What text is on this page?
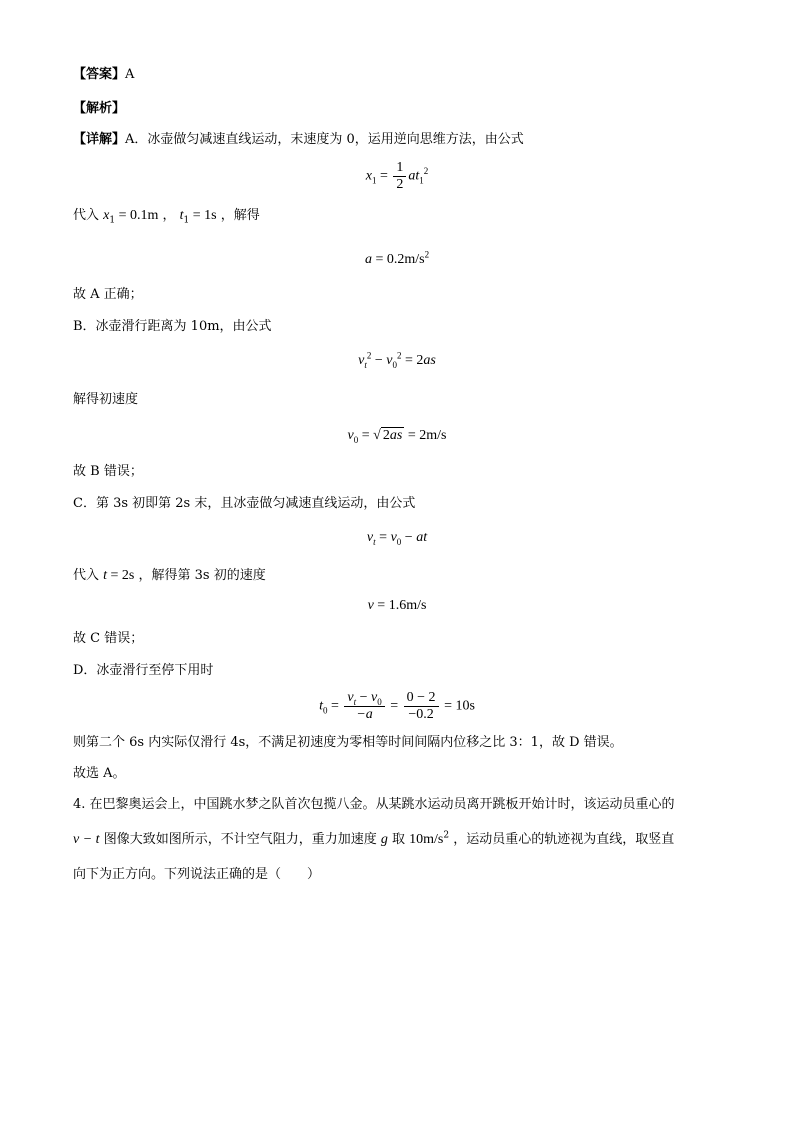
【答案】A
【解析】
【详解】A．冰壶做匀减速直线运动，末速度为 0，运用逆向思维方法，由公式
$x_1 = \frac{1}{2} at_1^2$
代入 $x_1 = 0.1m$ ， $t_1 = 1s$ ，解得
$a = 0.2m/s^2$
故 A 正确；
B．冰壶滑行距离为 10m，由公式
$v_t^2 - v_0^2 = 2as$
解得初速度
$v_0$ = √ 2as = 2m/s
故 B 错误；
C．第 3s 初即第 2s 末，且冰壶做匀减速直线运动，由公式
$v_t = v_0$ − at
代入 t = 2s ，解得第 3s 初的速度
v = 1.6m/s
故 C 错误；
D．冰壶滑行至停下用时
$t_0 = \frac{v_t - v_0}{-a} = \frac{0 - 2}{-0.2} = 10s$
则第二个 6s 内实际仅滑行 4s，不满足初速度为零相等时间间隔内位移之比 3：1，故 D 错误。
故选 A。
4. 在巴黎奥运会上，中国跳水梦之队首次包揽八金。从某跳水运动员离开跳板开始计时，该运动员重心的
v − t 图像大致如图所示，不计空气阻力，重力加速度 g 取 $10m/s^2$ ，运动员重心的轨迹视为直线，取竖直
向下为正方向。下列说法正确的是（　　）
